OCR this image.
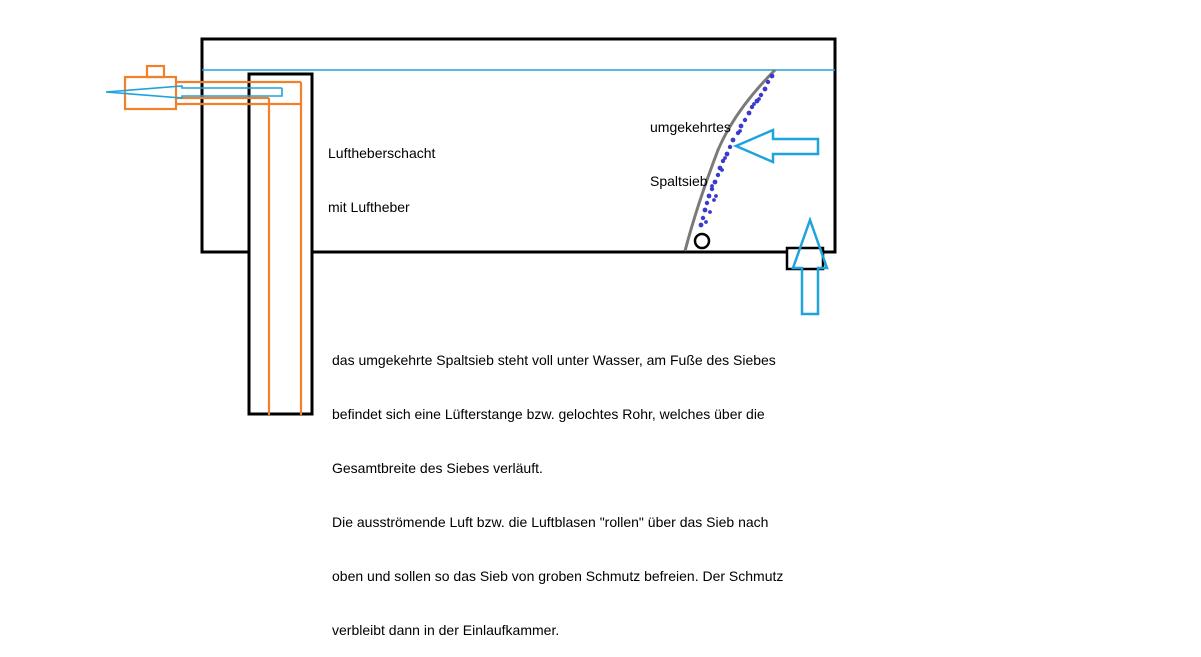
Luftheberschacht

mit Luftheber

umgekehrtes

Spaltsieb

das umgekehrte Spaltsieb steht voll unter Wasser, am Fuße des Siebes

befindet sich eine Lüfterstange bzw. gelochtes Rohr, welches über die

Gesamtbreite des Siebes verläuft.

Die ausströmende Luft bzw. die Luftblasen "rollen" über das Sieb nach

oben und sollen so das Sieb von groben Schmutz befreien. Der Schmutz

verbleibt dann in der Einlaufkammer.
